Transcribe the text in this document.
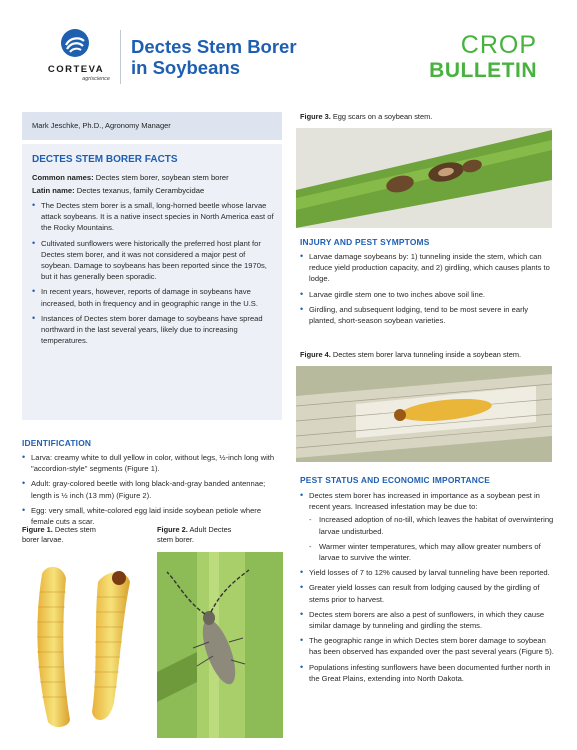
CORTEVA
agriscience
Dectes Stem Borer
in Soybeans
CROP
BULLETIN
Mark Jeschke, Ph.D., Agronomy Manager
DECTES STEM BORER FACTS
Common names: Dectes stem borer, soybean stem borer
Latin name: Dectes texanus, family Cerambycidae
• The Dectes stem borer is a small, long-horned beetle whose larvae attack soybeans. It is a native insect species in North America east of the Rocky Mountains.
• Cultivated sunflowers were historically the preferred host plant for Dectes stem borer, and it was not considered a major pest of soybean. Damage to soybeans has been reported since the 1970s, but it has generally been sporadic.
• In recent years, however, reports of damage in soybeans have increased, both in frequency and in geographic range in the U.S.
• Instances of Dectes stem borer damage to soybeans have spread northward in the last several years, likely due to increasing temperatures.
IDENTIFICATION
• Larva: creamy white to dull yellow in color, without legs, ½-inch long with "accordion-style" segments (Figure 1).
• Adult: gray-colored beetle with long black-and-gray banded antennae; length is ½ inch (13 mm) (Figure 2).
• Egg: very small, white-colored egg laid inside soybean petiole where female cuts a scar.
Figure 1. Dectes stem
borer larvae.
Figure 2. Adult Dectes
stem borer.
Figure 3. Egg scars on a soybean stem.
INJURY AND PEST SYMPTOMS
• Larvae damage soybeans by: 1) tunneling inside the stem, which can reduce yield production capacity, and 2) girdling, which causes plants to lodge.
• Larvae girdle stem one to two inches above soil line.
• Girdling, and subsequent lodging, tend to be most severe in early planted, short-season soybean varieties.
Figure 4. Dectes stem borer larva tunneling inside a soybean stem.
PEST STATUS AND ECONOMIC IMPORTANCE
• Dectes stem borer has increased in importance as a soybean pest in recent years. Increased infestation may be due to:
- Increased adoption of no-till, which leaves the habitat of overwintering larvae undisturbed.
- Warmer winter temperatures, which may allow greater numbers of larvae to survive the winter.
• Yield losses of 7 to 12% caused by larval tunneling have been reported.
• Greater yield losses can result from lodging caused by the girdling of stems prior to harvest.
• Dectes stem borers are also a pest of sunflowers, in which they cause similar damage by tunneling and girdling the stems.
• The geographic range in which Dectes stem borer damage to soybean has been observed has expanded over the past several years (Figure 5).
• Populations infesting sunflowers have been documented further north in the Great Plains, extending into North Dakota.
